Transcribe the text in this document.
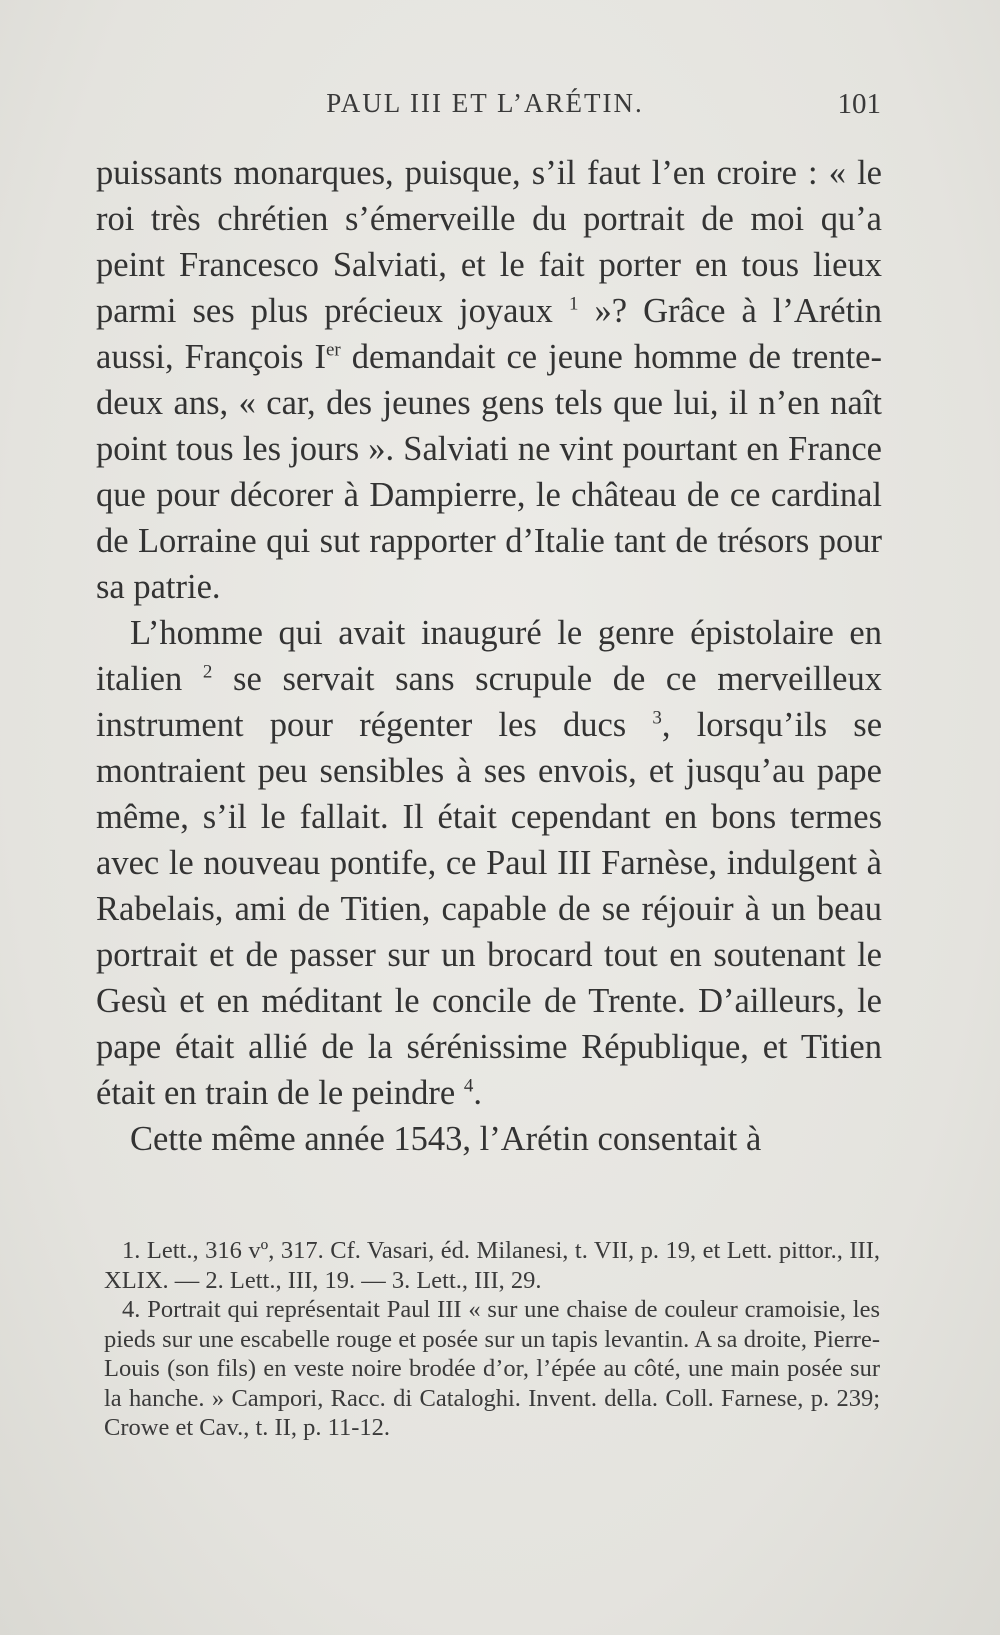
PAUL III ET L’ARÉTIN.	101

puissants monarques, puisque, s’il faut l’en croire : « le roi très chrétien s’émerveille du portrait de moi qu’a peint Francesco Salviati, et le fait porter en tous lieux parmi ses plus précieux joyaux $^1$ »? Grâce à l’Arétin aussi, François Ier demandait ce jeune homme de trente-deux ans, « car, des jeunes gens tels que lui, il n’en naît point tous les jours ». Salviati ne vint pourtant en France que pour décorer à Dampierre, le château de ce cardinal de Lorraine qui sut rapporter d’Italie tant de trésors pour sa patrie.

L’homme qui avait inauguré le genre épistolaire en italien $^2$ se servait sans scrupule de ce merveilleux instrument pour régenter les ducs $^3$, lorsqu’ils se montraient peu sensibles à ses envois, et jusqu’au pape même, s’il le fallait. Il était cependant en bons termes avec le nouveau pontife, ce Paul III Farnèse, indulgent à Rabelais, ami de Titien, capable de se réjouir à un beau portrait et de passer sur un brocard tout en soutenant le Gesù et en méditant le concile de Trente. D’ailleurs, le pape était allié de la sérénissime République, et Titien était en train de le peindre $^4$.

Cette même année 1543, l’Arétin consentait à

1. Lett., 316 vº, 317. Cf. Vasari, éd. Milanesi, t. VII, p. 19, et Lett. pittor., III, XLIX. — 2. Lett., III, 19. — 3. Lett., III, 29.

4. Portrait qui représentait Paul III « sur une chaise de couleur cramoisie, les pieds sur une escabelle rouge et posée sur un tapis levantin. A sa droite, Pierre-Louis (son fils) en veste noire brodée d’or, l’épée au côté, une main posée sur la hanche. » Campori, Racc. di Cataloghi. Invent. della. Coll. Farnese, p. 239; Crowe et Cav., t. II, p. 11-12.
